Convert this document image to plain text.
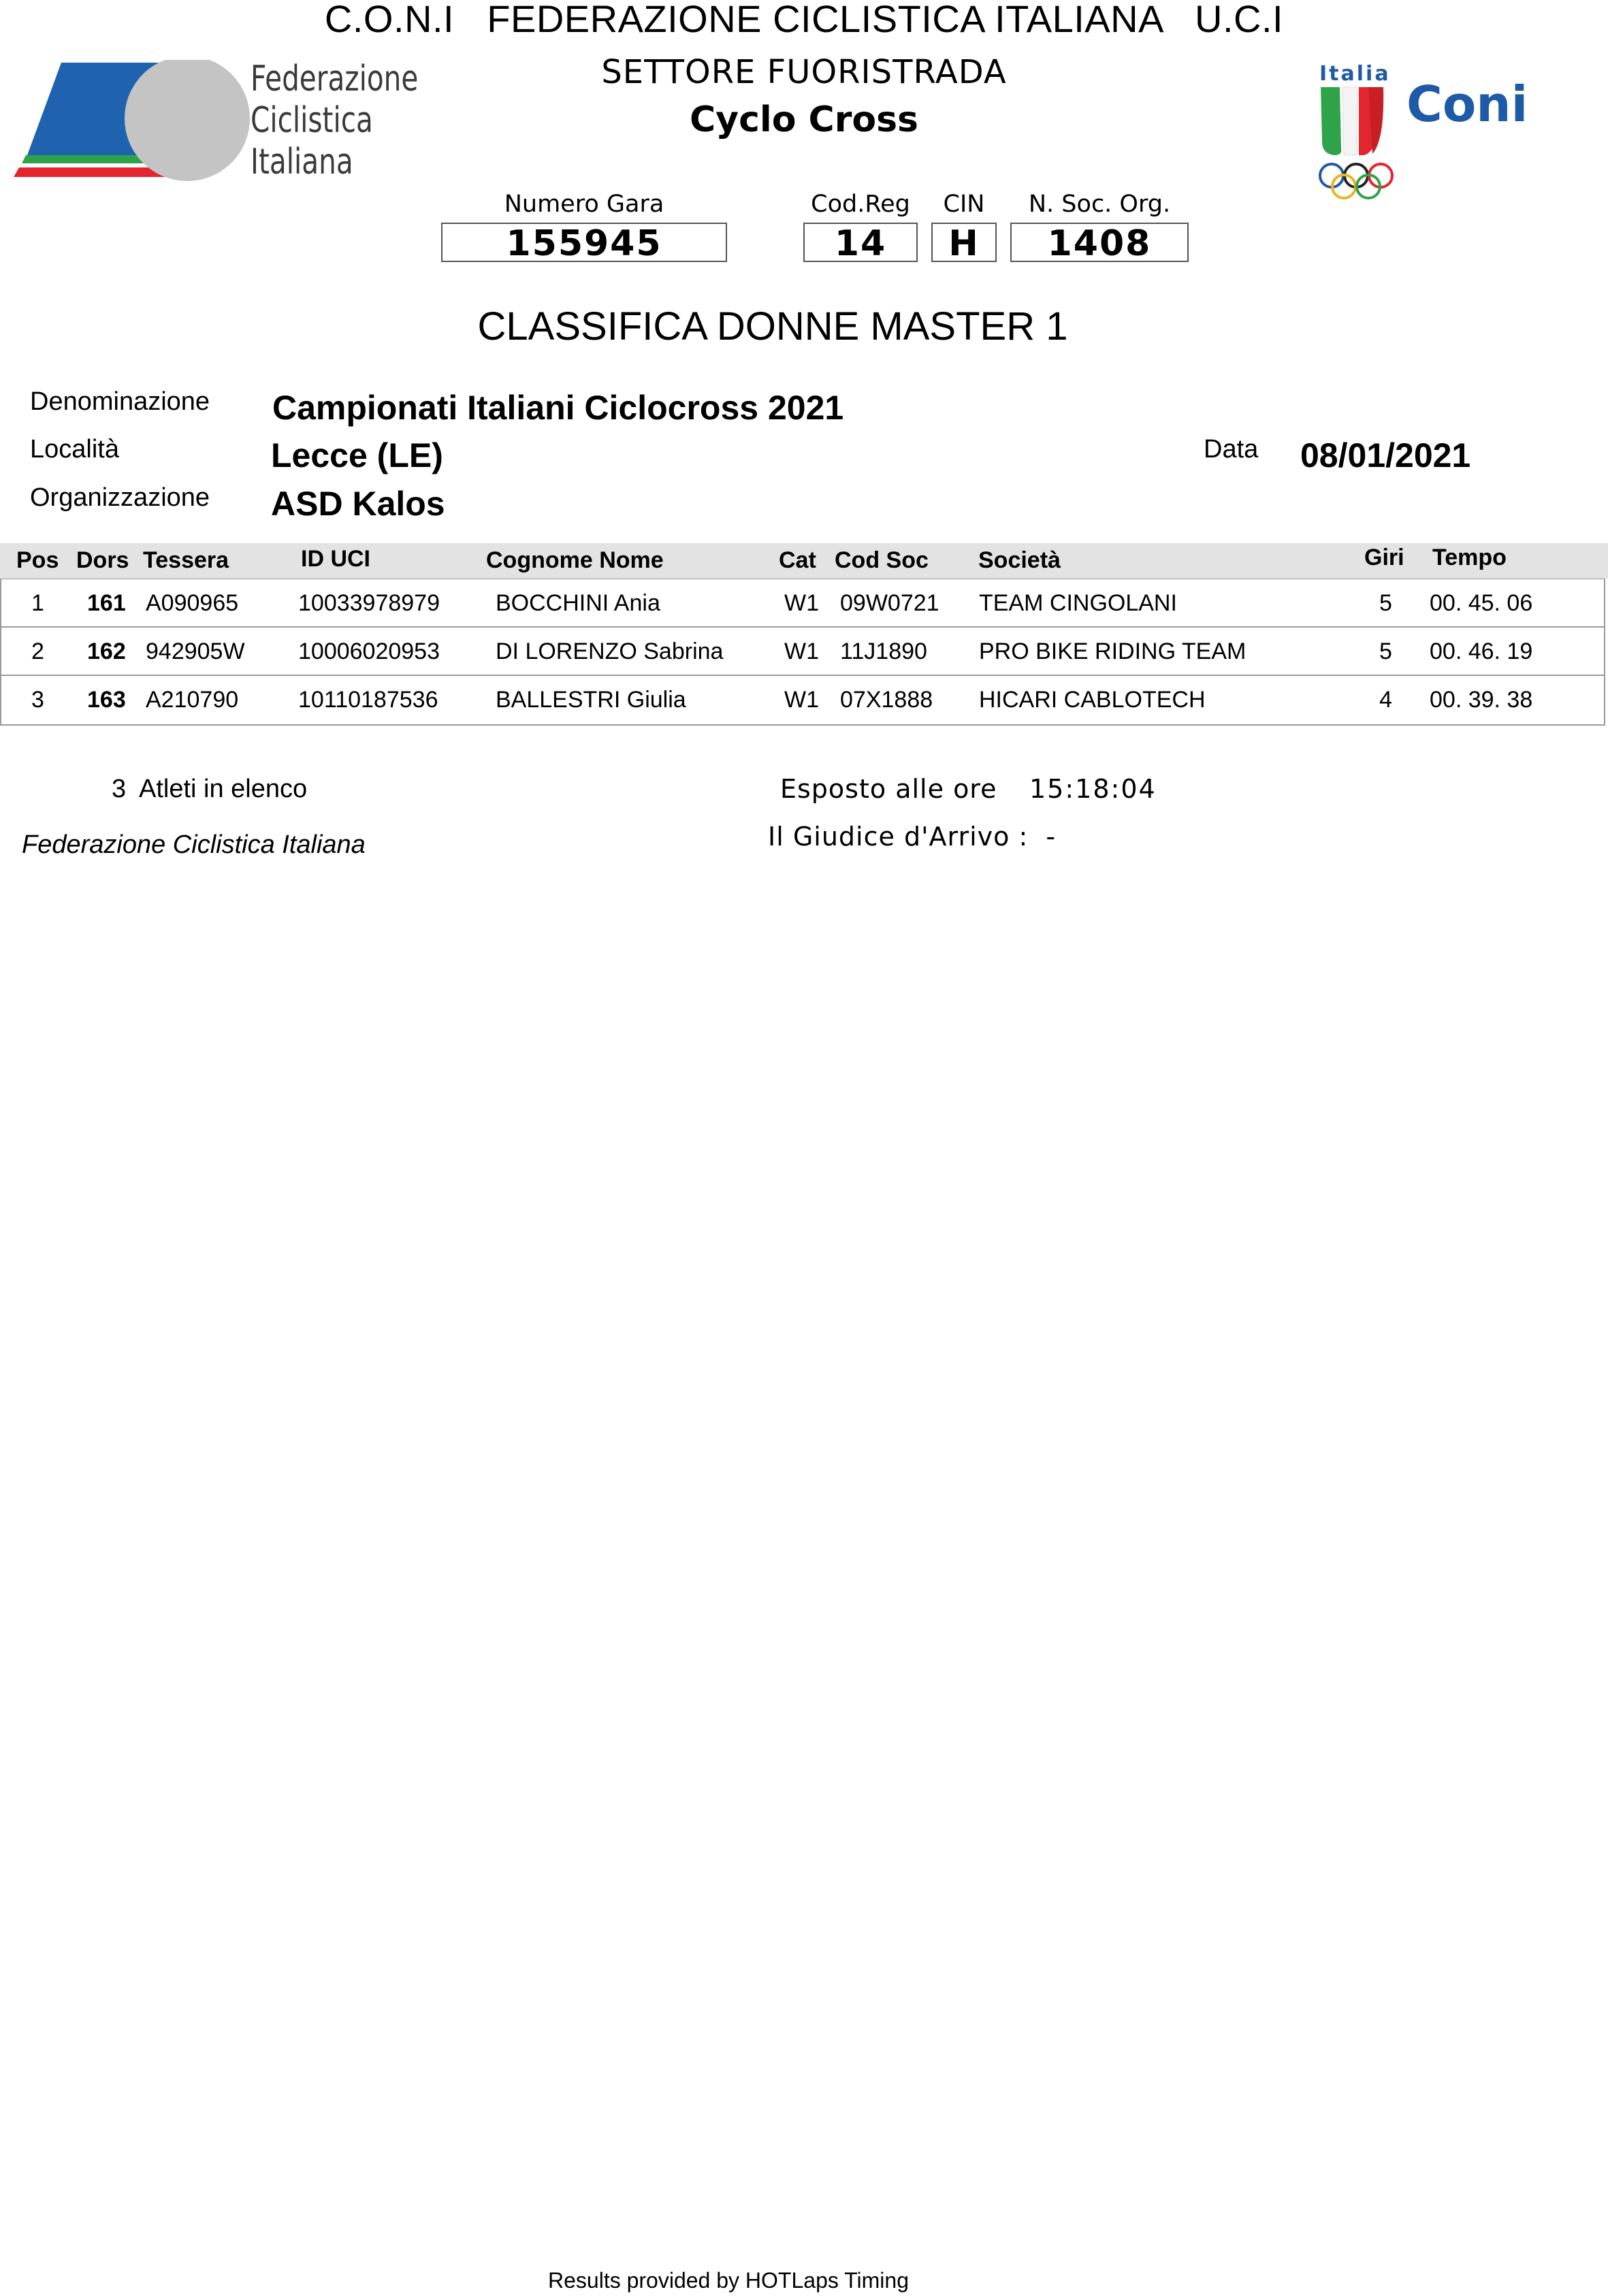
C.O.N.I   FEDERAZIONE CICLISTICA ITALIANA   U.C.I
SETTORE FUORISTRADA
Cyclo Cross
Federazione
Ciclistica
Italiana
Italia
Coni
Numero Gara
155945
Cod.Reg
14
CIN
H
N. Soc. Org.
1408
CLASSIFICA DONNE MASTER 1
Denominazione Campionati Italiani Ciclocross 2021
Località	Lecce (LE)
Organizzazione ASD Kalos
Data 08/01/2021
Pos Dors Tessera	ID UCI	Cognome Nome	Cat Cod Soc Società	Giri Tempo
1 161 A090965	10033978979 BOCCHINI Ania	W1 09W0721 TEAM CINGOLANI	5 00. 45. 06
2 162 942905W 10006020953 DI LORENZO Sabrina	W1 11J1890 PRO BIKE RIDING TEAM	5 00. 46. 19
3 163 A210790	10110187536 BALLESTRI Giulia	W1 07X1888 HICARI CABLOTECH	4 00. 39. 38
3 Atleti in elenco	Esposto alle ore 15:18:04
Federazione Ciclistica Italiana	Il Giudice d'Arrivo :  -
Results provided by HOTLaps Timing
